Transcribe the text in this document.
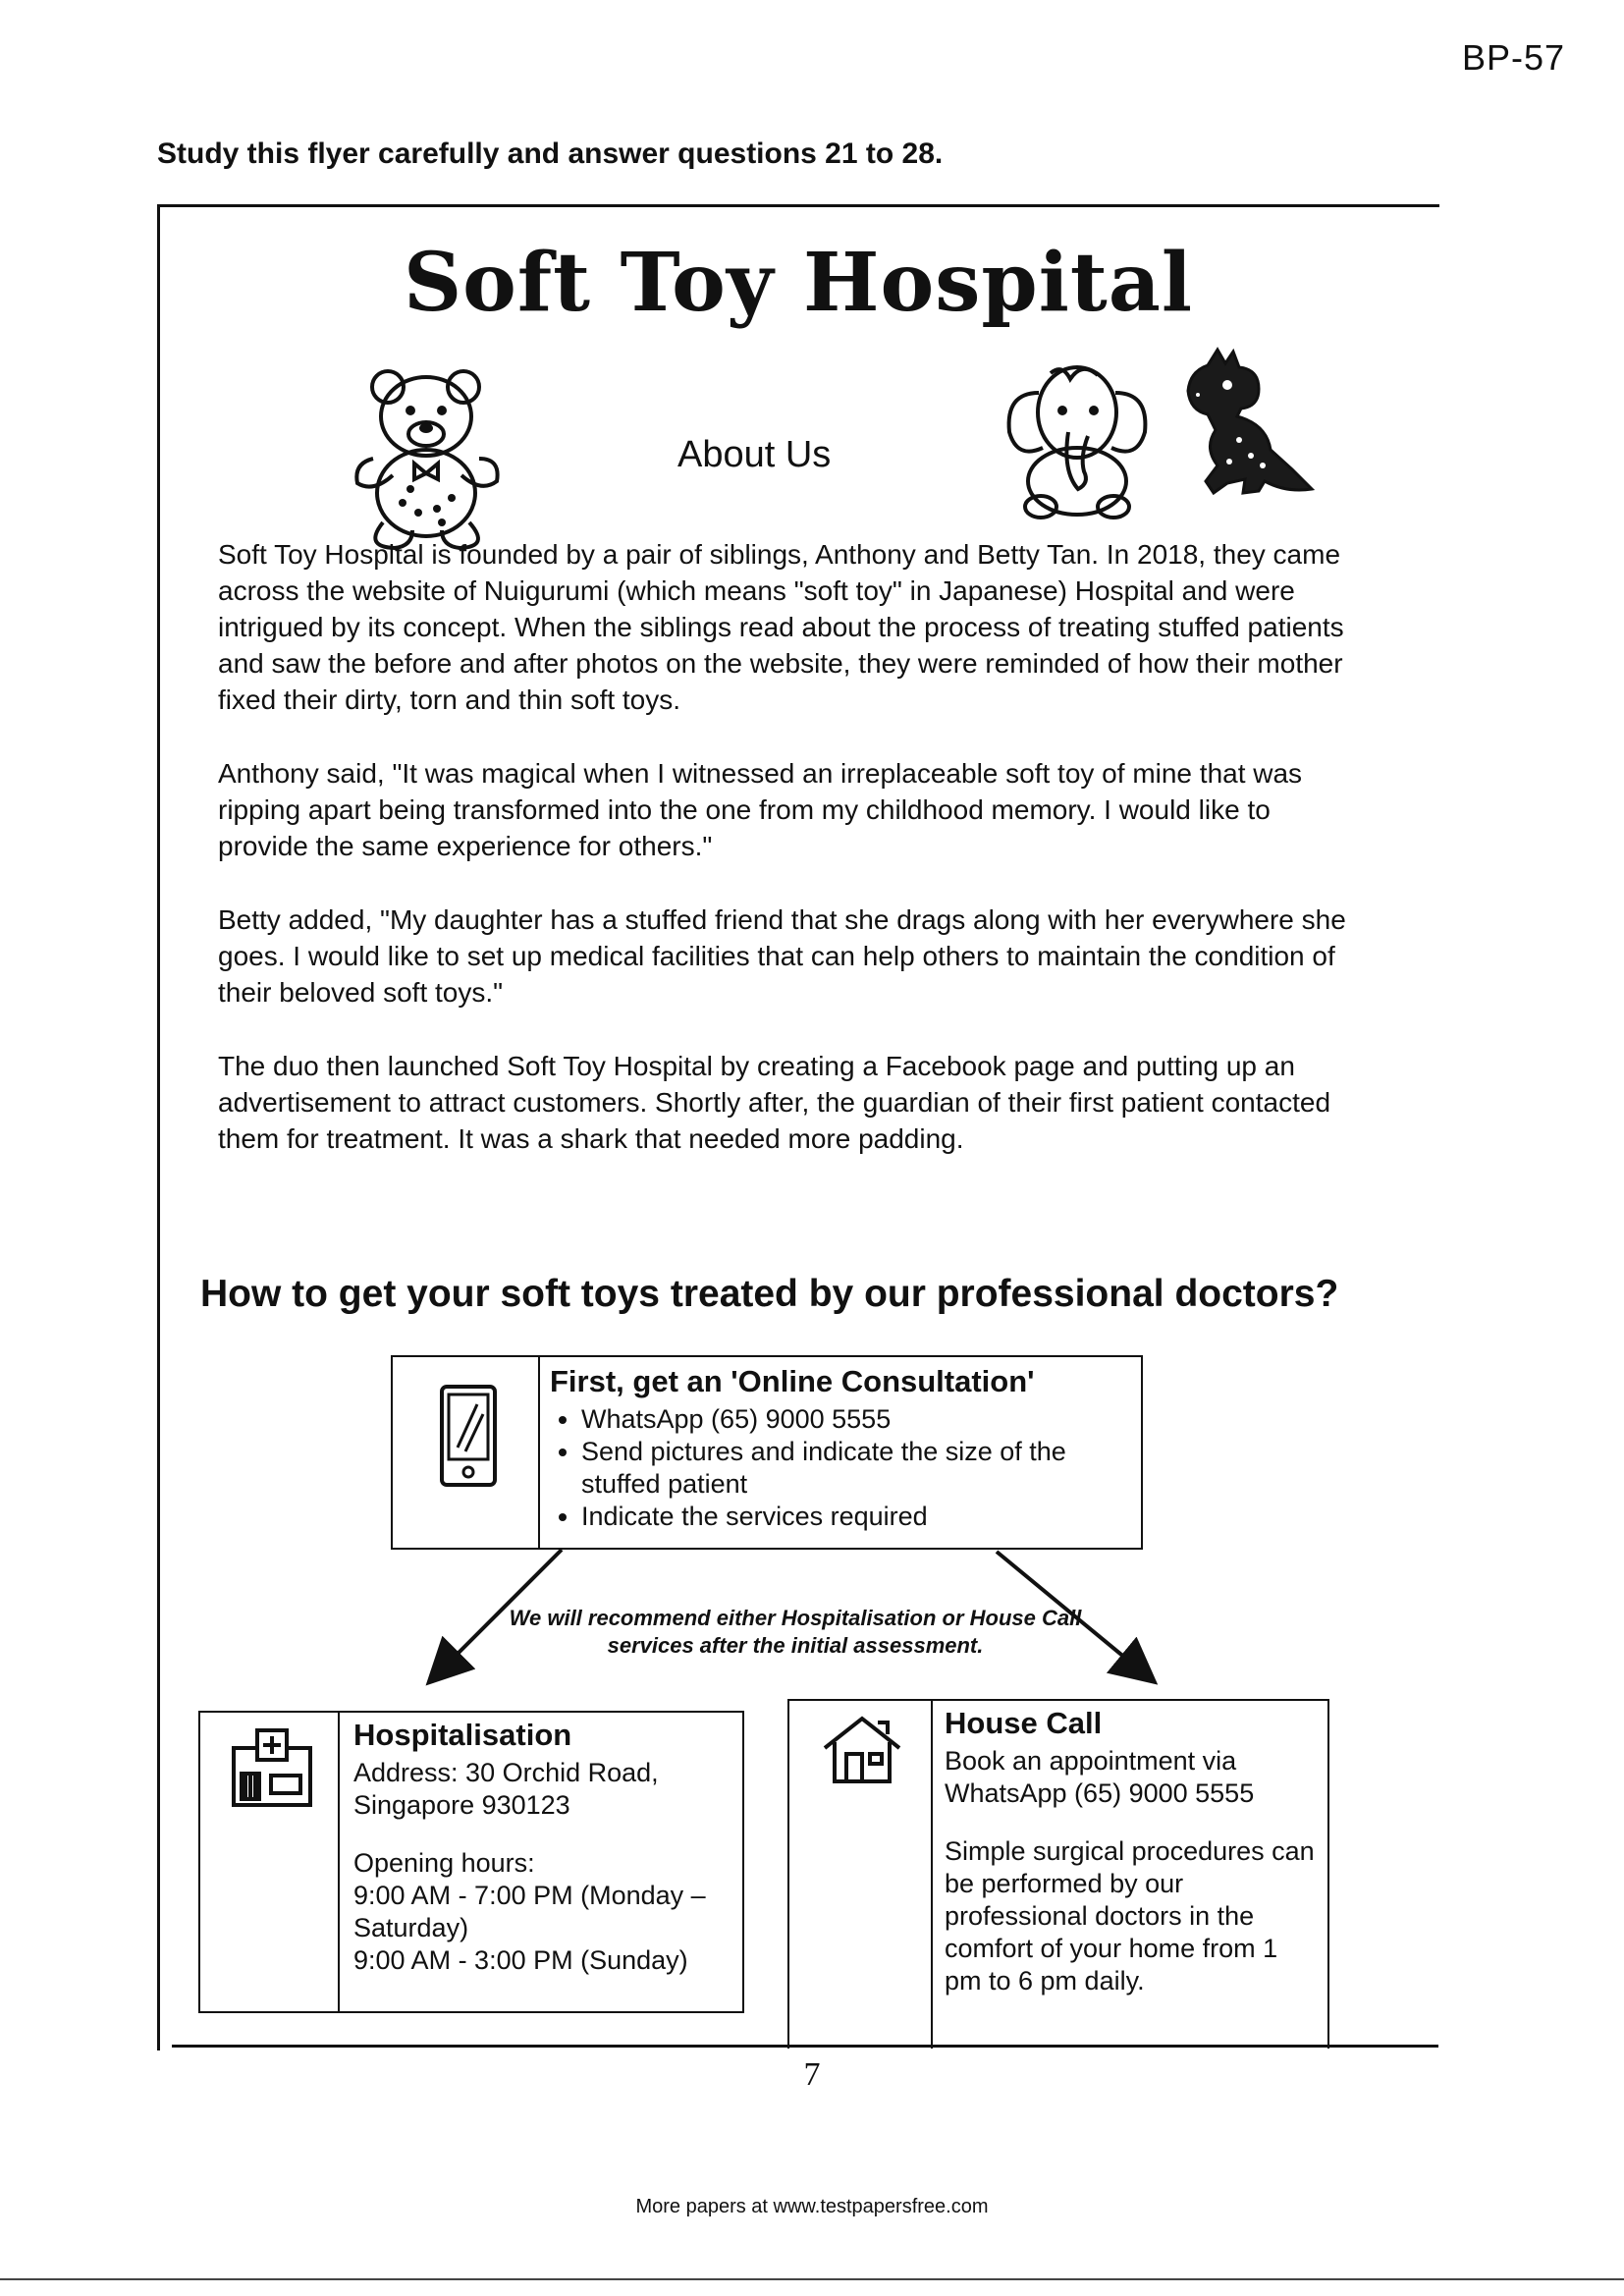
BP-57
Study this flyer carefully and answer questions 21 to 28.
Soft Toy Hospital
About Us

Soft Toy Hospital is founded by a pair of siblings, Anthony and Betty Tan. In 2018, they came across the website of Nuigurumi (which means "soft toy" in Japanese) Hospital and were intrigued by its concept. When the siblings read about the process of treating stuffed patients and saw the before and after photos on the website, they were reminded of how their mother fixed their dirty, torn and thin soft toys.

Anthony said, "It was magical when I witnessed an irreplaceable soft toy of mine that was ripping apart being transformed into the one from my childhood memory. I would like to provide the same experience for others."

Betty added, "My daughter has a stuffed friend that she drags along with her everywhere she goes. I would like to set up medical facilities that can help others to maintain the condition of their beloved soft toys."

The duo then launched Soft Toy Hospital by creating a Facebook page and putting up an advertisement to attract customers. Shortly after, the guardian of their first patient contacted them for treatment. It was a shark that needed more padding.

How to get your soft toys treated by our professional doctors?
First, get an 'Online Consultation'
• WhatsApp (65) 9000 5555
• Send pictures and indicate the size of the stuffed patient
• Indicate the services required
We will recommend either Hospitalisation or House Call services after the initial assessment.
Hospitalisation
Address: 30 Orchid Road, Singapore 930123
Opening hours:
9:00 AM - 7:00 PM (Monday – Saturday)
9:00 AM - 3:00 PM (Sunday)
House Call
Book an appointment via WhatsApp (65) 9000 5555
Simple surgical procedures can be performed by our professional doctors in the comfort of your home from 1 pm to 6 pm daily.
7
More papers at www.testpapersfree.com
